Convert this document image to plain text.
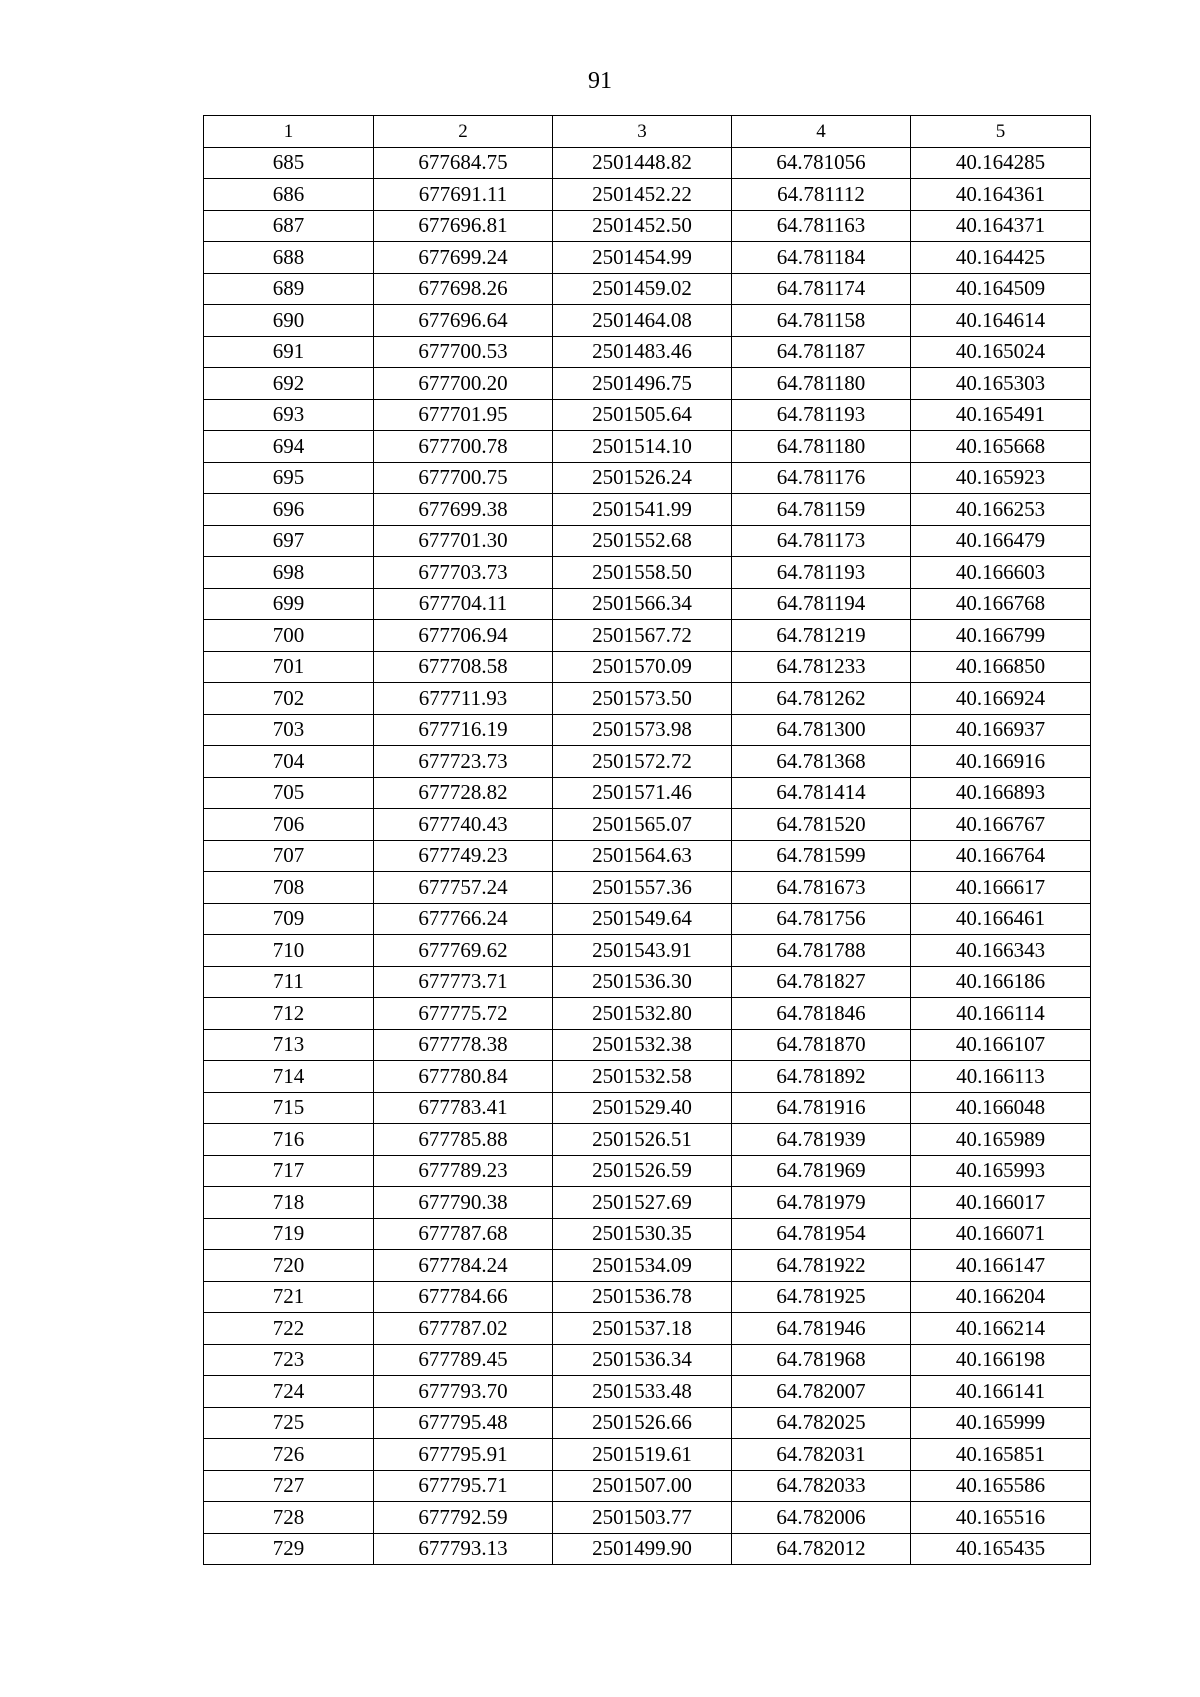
91
1	2	3	4	5
685	677684.75	2501448.82	64.781056	40.164285
686	677691.11	2501452.22	64.781112	40.164361
687	677696.81	2501452.50	64.781163	40.164371
688	677699.24	2501454.99	64.781184	40.164425
689	677698.26	2501459.02	64.781174	40.164509
690	677696.64	2501464.08	64.781158	40.164614
691	677700.53	2501483.46	64.781187	40.165024
692	677700.20	2501496.75	64.781180	40.165303
693	677701.95	2501505.64	64.781193	40.165491
694	677700.78	2501514.10	64.781180	40.165668
695	677700.75	2501526.24	64.781176	40.165923
696	677699.38	2501541.99	64.781159	40.166253
697	677701.30	2501552.68	64.781173	40.166479
698	677703.73	2501558.50	64.781193	40.166603
699	677704.11	2501566.34	64.781194	40.166768
700	677706.94	2501567.72	64.781219	40.166799
701	677708.58	2501570.09	64.781233	40.166850
702	677711.93	2501573.50	64.781262	40.166924
703	677716.19	2501573.98	64.781300	40.166937
704	677723.73	2501572.72	64.781368	40.166916
705	677728.82	2501571.46	64.781414	40.166893
706	677740.43	2501565.07	64.781520	40.166767
707	677749.23	2501564.63	64.781599	40.166764
708	677757.24	2501557.36	64.781673	40.166617
709	677766.24	2501549.64	64.781756	40.166461
710	677769.62	2501543.91	64.781788	40.166343
711	677773.71	2501536.30	64.781827	40.166186
712	677775.72	2501532.80	64.781846	40.166114
713	677778.38	2501532.38	64.781870	40.166107
714	677780.84	2501532.58	64.781892	40.166113
715	677783.41	2501529.40	64.781916	40.166048
716	677785.88	2501526.51	64.781939	40.165989
717	677789.23	2501526.59	64.781969	40.165993
718	677790.38	2501527.69	64.781979	40.166017
719	677787.68	2501530.35	64.781954	40.166071
720	677784.24	2501534.09	64.781922	40.166147
721	677784.66	2501536.78	64.781925	40.166204
722	677787.02	2501537.18	64.781946	40.166214
723	677789.45	2501536.34	64.781968	40.166198
724	677793.70	2501533.48	64.782007	40.166141
725	677795.48	2501526.66	64.782025	40.165999
726	677795.91	2501519.61	64.782031	40.165851
727	677795.71	2501507.00	64.782033	40.165586
728	677792.59	2501503.77	64.782006	40.165516
729	677793.13	2501499.90	64.782012	40.165435
